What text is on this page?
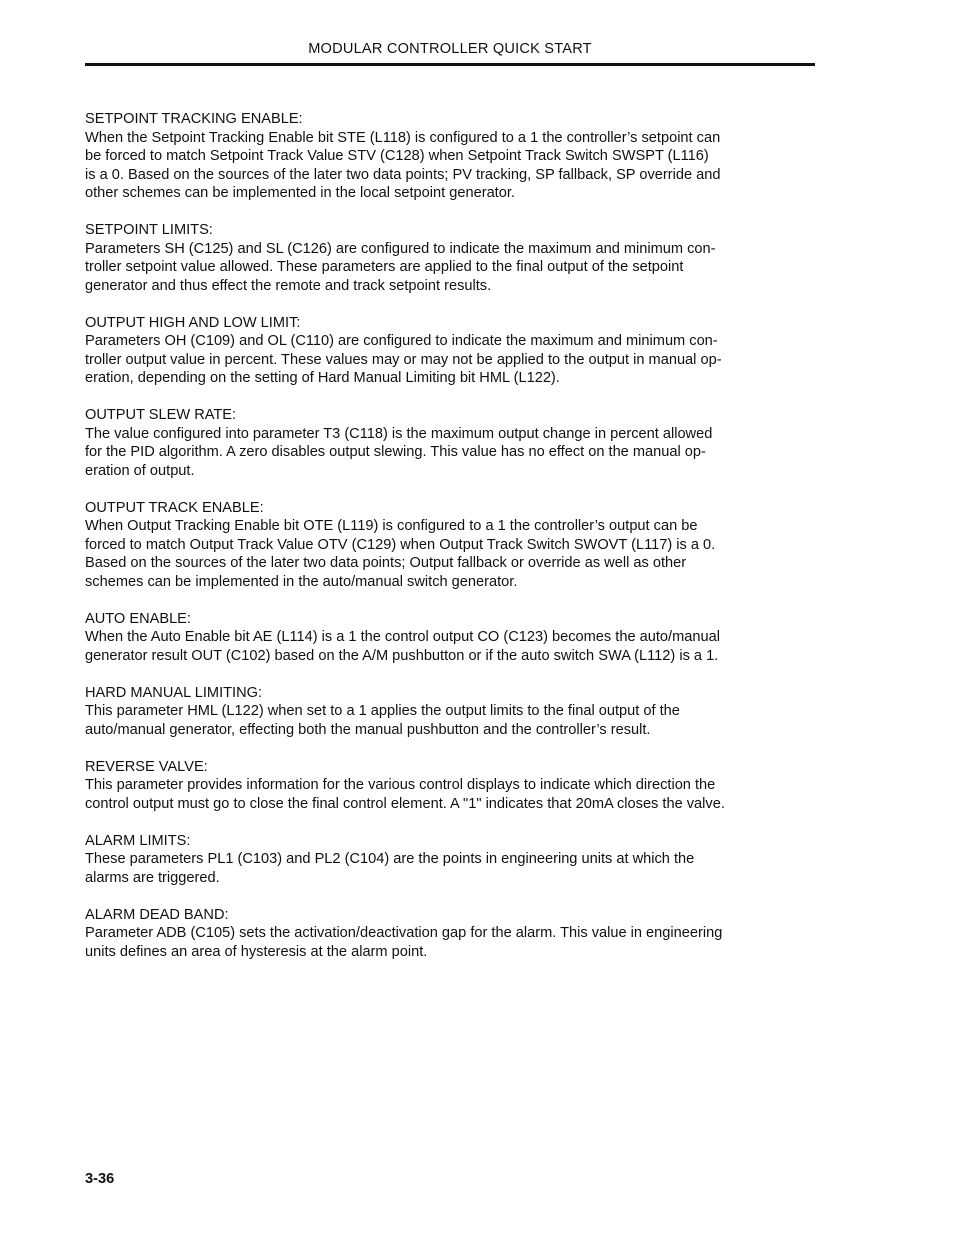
MODULAR CONTROLLER QUICK START

SETPOINT TRACKING ENABLE:

When the Setpoint Tracking Enable bit STE (L118) is configured to a 1 the controller’s setpoint can
be forced to match Setpoint Track Value STV (C128) when Setpoint Track Switch SWSPT (L116)
is a 0. Based on the sources of the later two data points; PV tracking, SP fallback, SP override and
other schemes can be implemented in the local setpoint generator.

SETPOINT LIMITS:

Parameters SH (C125) and SL (C126) are configured to indicate the maximum and minimum con-
troller setpoint value allowed. These parameters are applied to the final output of the setpoint
generator and thus effect the remote and track setpoint results.

OUTPUT HIGH AND LOW LIMIT:

Parameters OH (C109) and OL (C110) are configured to indicate the maximum and minimum con-
troller output value in percent. These values may or may not be applied to the output in manual op-
eration, depending on the setting of Hard Manual Limiting bit HML (L122).

OUTPUT SLEW RATE:

The value configured into parameter T3 (C118) is the maximum output change in percent allowed
for the PID algorithm. A zero disables output slewing. This value has no effect on the manual op-
eration of output.

OUTPUT TRACK ENABLE:

When Output Tracking Enable bit OTE (L119) is configured to a 1 the controller’s output can be
forced to match Output Track Value OTV (C129) when Output Track Switch SWOVT (L117) is a 0.
Based on the sources of the later two data points; Output fallback or override as well as other
schemes can be implemented in the auto/manual switch generator.

AUTO ENABLE:

When the Auto Enable bit AE (L114) is a 1 the control output CO (C123) becomes the auto/manual
generator result OUT (C102) based on the A/M pushbutton or if the auto switch SWA (L112) is a 1.

HARD MANUAL LIMITING:

This parameter HML (L122) when set to a 1 applies the output limits to the final output of the
auto/manual generator, effecting both the manual pushbutton and the controller’s result.

REVERSE VALVE:

This parameter provides information for the various control displays to indicate which direction the
control output must go to close the final control element. A "1" indicates that 20mA closes the valve.

ALARM LIMITS:

These parameters PL1 (C103) and PL2 (C104) are the points in engineering units at which the
alarms are triggered.

ALARM DEAD BAND:

Parameter ADB (C105) sets the activation/deactivation gap for the alarm. This value in engineering
units defines an area of hysteresis at the alarm point.

3-36
